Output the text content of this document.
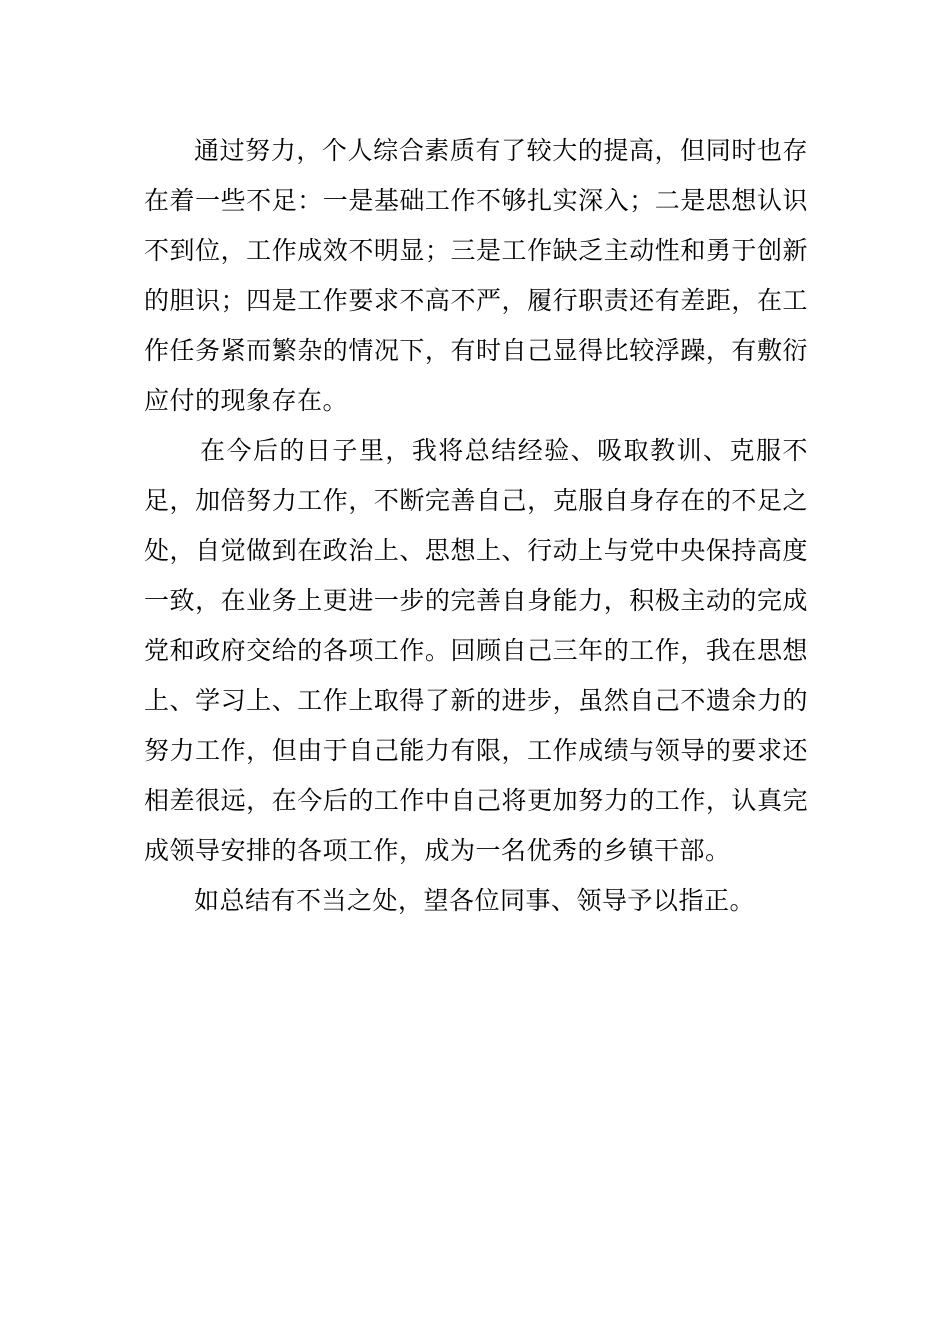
通过努力，个人综合素质有了较大的提高，但同时也存在着一些不足：一是基础工作不够扎实深入；二是思想认识不到位，工作成效不明显；三是工作缺乏主动性和勇于创新的胆识；四是工作要求不高不严，履行职责还有差距，在工作任务紧而繁杂的情况下，有时自己显得比较浮躁，有敷衍应付的现象存在。

在今后的日子里，我将总结经验、吸取教训、克服不足，加倍努力工作，不断完善自己，克服自身存在的不足之处，自觉做到在政治上、思想上、行动上与党中央保持高度一致，在业务上更进一步的完善自身能力，积极主动的完成党和政府交给的各项工作。回顾自己三年的工作，我在思想上、学习上、工作上取得了新的进步，虽然自己不遗余力的努力工作，但由于自己能力有限，工作成绩与领导的要求还相差很远，在今后的工作中自己将更加努力的工作，认真完成领导安排的各项工作，成为一名优秀的乡镇干部。

如总结有不当之处，望各位同事、领导予以指正。
